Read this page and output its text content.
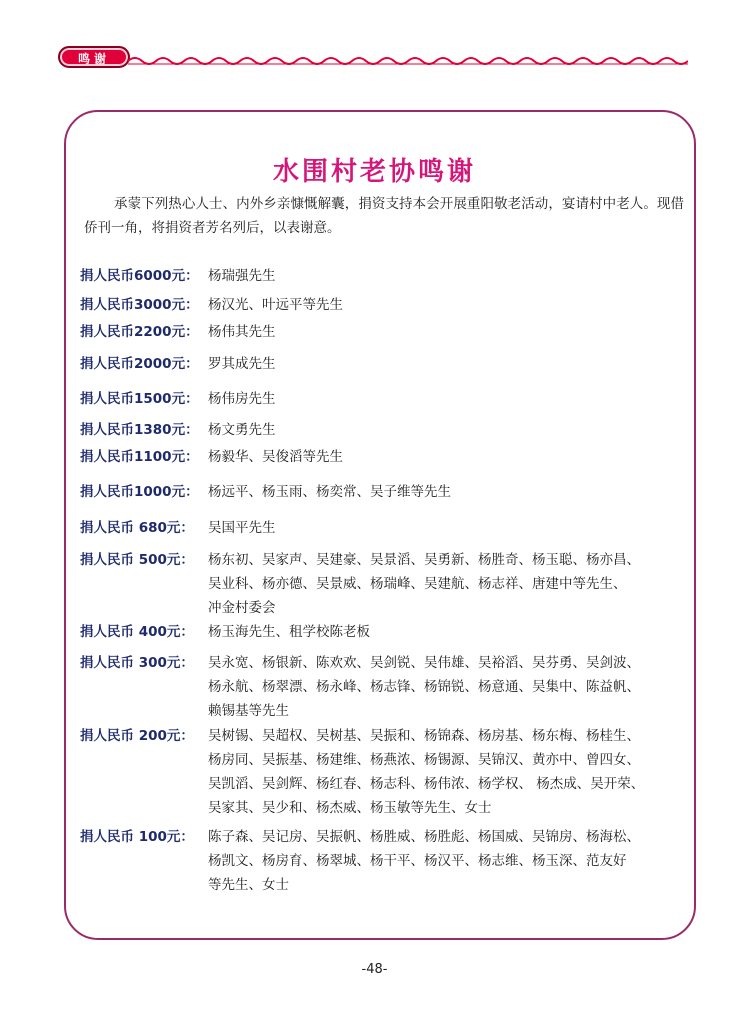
鸣谢
水围村老协鸣谢
承蒙下列热心人士、内外乡亲慷慨解囊，捐资支持本会开展重阳敬老活动，宴请村中老人。现借侨刊一角，将捐资者芳名列后，以表谢意。
捐人民币6000元： 杨瑞强先生
捐人民币3000元： 杨汉光、叶远平等先生
捐人民币2200元： 杨伟其先生
捐人民币2000元： 罗其成先生
捐人民币1500元： 杨伟房先生
捐人民币1380元： 杨文勇先生
捐人民币1100元： 杨毅华、吴俊滔等先生
捐人民币1000元： 杨远平、杨玉雨、杨奕常、吴子维等先生
捐人民币 680元：	吴国平先生
捐人民币 500元：	杨东初、吴家声、吴建豪、吴景滔、吴勇新、杨胜奇、杨玉聪、杨亦昌、
吴业科、杨亦德、吴景威、杨瑞峰、吴建航、杨志祥、唐建中等先生、
冲金村委会
捐人民币 400元：	杨玉海先生、租学校陈老板
捐人民币 300元：	吴永宽、杨银新、陈欢欢、吴剑锐、吴伟雄、吴裕滔、吴芬勇、吴剑波、
杨永航、杨翠漂、杨永峰、杨志锋、杨锦锐、杨意通、吴集中、陈益帆、
赖锡基等先生
捐人民币 200元：	吴树锡、吴超权、吴树基、吴振和、杨锦森、杨房基、杨东梅、杨桂生、
杨房同、吴振基、杨建维、杨燕浓、杨锡源、吴锦汉、黄亦中、曾四女、
吴凯滔、吴剑辉、杨红春、杨志科、杨伟浓、杨学权、 杨杰成、吴开荣、
吴家其、吴少和、杨杰威、杨玉敏等先生、女士
捐人民币 100元：	陈子森、吴记房、吴振帆、杨胜威、杨胜彪、杨国威、吴锦房、杨海松、
杨凯文、杨房育、杨翠城、杨干平、杨汉平、杨志维、杨玉深、范友好
等先生、女士
-48-
